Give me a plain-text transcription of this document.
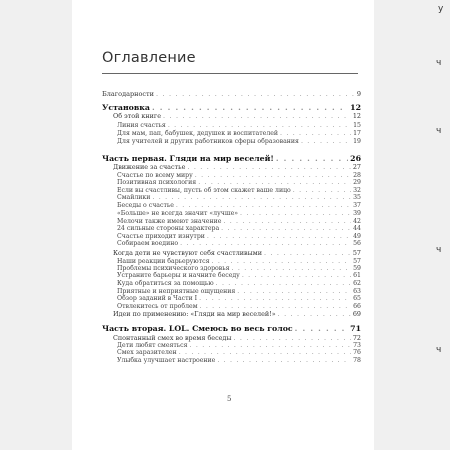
Оглавление
Благодарности . . .	9
Установка . . .	12
Об этой книге . . .	12
Линия счастья . . .	15
Для мам, пап, бабушек, дедушек и воспитателей . . .	17
Для учителей и других работников сферы образования . . .	19
Часть первая. Гляди на мир веселей! . . .	26
Движение за счастье . . .	27
Счастье по всему миру . . .	28
Позитивная психология . . .	29
Если вы счастливы, пусть об этом скажет ваше лицо . . .	32
Смайлики . . .	35
Беседы о счастье . . .	37
«Больше» не всегда значит «лучше» . . .	39
Мелочи также имеют значение . . .	42
24 сильные стороны характера . . .	44
Счастье приходит изнутри . . .	49
Собираем воедино . . .	56
Когда дети не чувствуют себя счастливыми . . .	57
Наши реакции барьеруются . . .	57
Проблемы психического здоровья . . .	59
Устраните барьеры и начните беседу . . .	61
Куда обратиться за помощью . . .	62
Приятные и неприятные ощущения . . .	63
Обзор заданий в Части I . . .	65
Отвлекитесь от проблем . . .	66
Идеи по применению: «Гляди на мир веселей!» . . .	69
Часть вторая. LOL. Смеюсь во весь голос . . .	71
Спонтанный смех во время беседы . . .	72
Дети любят смеяться . . .	73
Смех заразителен . . .	76
Улыбка улучшает настроение . . .	78
5
у
ч
ч
ч
ч
